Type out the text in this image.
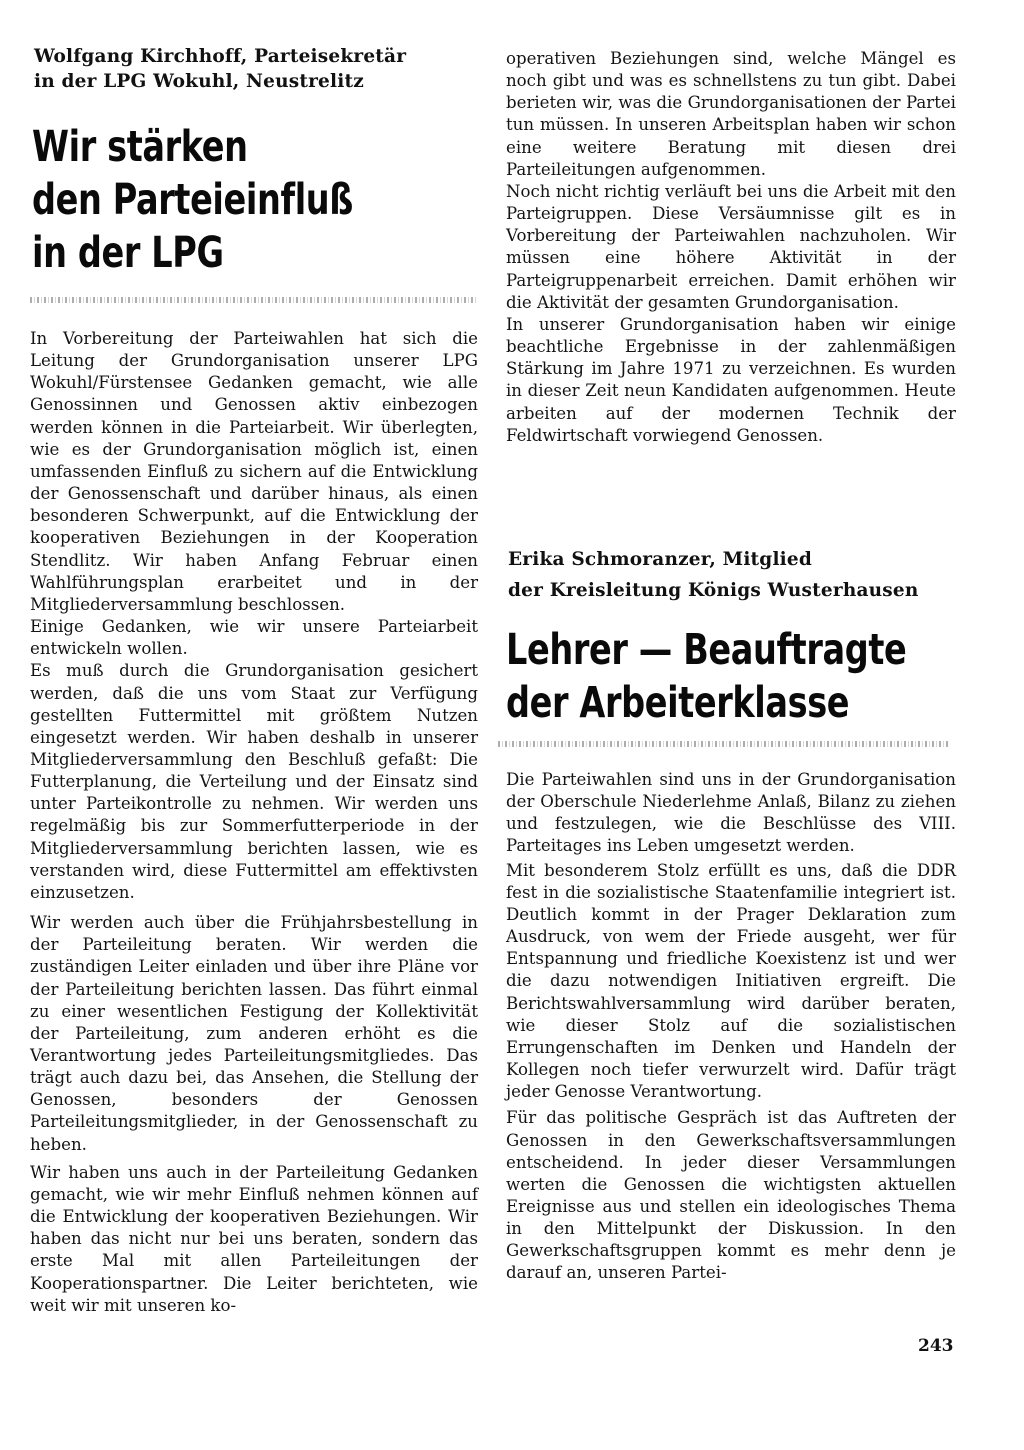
Wolfgang Kirchhoff, Parteisekretär

in der LPG Wokuhl, Neustrelitz

Wir stärken

den Parteieinfluß

in der LPG

In Vorbereitung der Parteiwahlen hat sich die Leitung der Grundorganisation unserer LPG Wokuhl/Fürstensee Gedanken gemacht, wie alle Genossinnen und Genossen aktiv einbezogen werden können in die Parteiarbeit. Wir überlegten, wie es der Grundorganisation möglich ist, einen umfassenden Einfluß zu sichern auf die Entwicklung der Genossenschaft und darüber hinaus, als einen besonderen Schwerpunkt, auf die Entwicklung der kooperativen Beziehungen in der Kooperation Stendlitz. Wir haben Anfang Februar einen Wahlführungsplan erarbeitet und in der Mitgliederversammlung beschlossen.

Einige Gedanken, wie wir unsere Parteiarbeit entwickeln wollen.

Es muß durch die Grundorganisation gesichert werden, daß die uns vom Staat zur Verfügung gestellten Futtermittel mit größtem Nutzen eingesetzt werden. Wir haben deshalb in unserer Mitgliederversammlung den Beschluß gefaßt: Die Futterplanung, die Verteilung und der Einsatz sind unter Parteikontrolle zu nehmen. Wir werden uns regelmäßig bis zur Sommerfutterperiode in der Mitgliederversammlung berichten lassen, wie es verstanden wird, diese Futtermittel am effektivsten einzusetzen.

Wir werden auch über die Frühjahrsbestellung in der Parteileitung beraten. Wir werden die zuständigen Leiter einladen und über ihre Pläne vor der Parteileitung berichten lassen. Das führt einmal zu einer wesentlichen Festigung der Kollektivität der Parteileitung, zum anderen erhöht es die Verantwortung jedes Parteileitungsmitgliedes. Das trägt auch dazu bei, das Ansehen, die Stellung der Genossen, besonders der Genossen Parteileitungsmitglieder, in der Genossenschaft zu heben.

Wir haben uns auch in der Parteileitung Gedanken gemacht, wie wir mehr Einfluß nehmen können auf die Entwicklung der kooperativen Beziehungen. Wir haben das nicht nur bei uns beraten, sondern das erste Mal mit allen Parteileitungen der Kooperationspartner. Die Leiter berichteten, wie weit wir mit unseren ko-

operativen Beziehungen sind, welche Mängel es noch gibt und was es schnellstens zu tun gibt. Dabei berieten wir, was die Grundorganisationen der Partei tun müssen. In unseren Arbeitsplan haben wir schon eine weitere Beratung mit diesen drei Parteileitungen aufgenommen.

Noch nicht richtig verläuft bei uns die Arbeit mit den Parteigruppen. Diese Versäumnisse gilt es in Vorbereitung der Parteiwahlen nachzuholen. Wir müssen eine höhere Aktivität in der Parteigruppenarbeit erreichen. Damit erhöhen wir die Aktivität der gesamten Grundorganisation.

In unserer Grundorganisation haben wir einige beachtliche Ergebnisse in der zahlenmäßigen Stärkung im Jahre 1971 zu verzeichnen. Es wurden in dieser Zeit neun Kandidaten aufgenommen. Heute arbeiten auf der modernen Technik der Feldwirtschaft vorwiegend Genossen.

Erika Schmoranzer, Mitglied

der Kreisleitung Königs Wusterhausen

Lehrer — Beauftragte

der Arbeiterklasse

Die Parteiwahlen sind uns in der Grundorganisation der Oberschule Niederlehme Anlaß, Bilanz zu ziehen und festzulegen, wie die Beschlüsse des VIII. Parteitages ins Leben umgesetzt werden.

Mit besonderem Stolz erfüllt es uns, daß die DDR fest in die sozialistische Staatenfamilie integriert ist. Deutlich kommt in der Prager Deklaration zum Ausdruck, von wem der Friede ausgeht, wer für Entspannung und friedliche Koexistenz ist und wer die dazu notwendigen Initiativen ergreift. Die Berichtswahlversammlung wird darüber beraten, wie dieser Stolz auf die sozialistischen Errungenschaften im Denken und Handeln der Kollegen noch tiefer verwurzelt wird. Dafür trägt jeder Genosse Verantwortung.

Für das politische Gespräch ist das Auftreten der Genossen in den Gewerkschaftsversammlungen entscheidend. In jeder dieser Versammlungen werten die Genossen die wichtigsten aktuellen Ereignisse aus und stellen ein ideologisches Thema in den Mittelpunkt der Diskussion. In den Gewerkschaftsgruppen kommt es mehr denn je darauf an, unseren Partei-

243
